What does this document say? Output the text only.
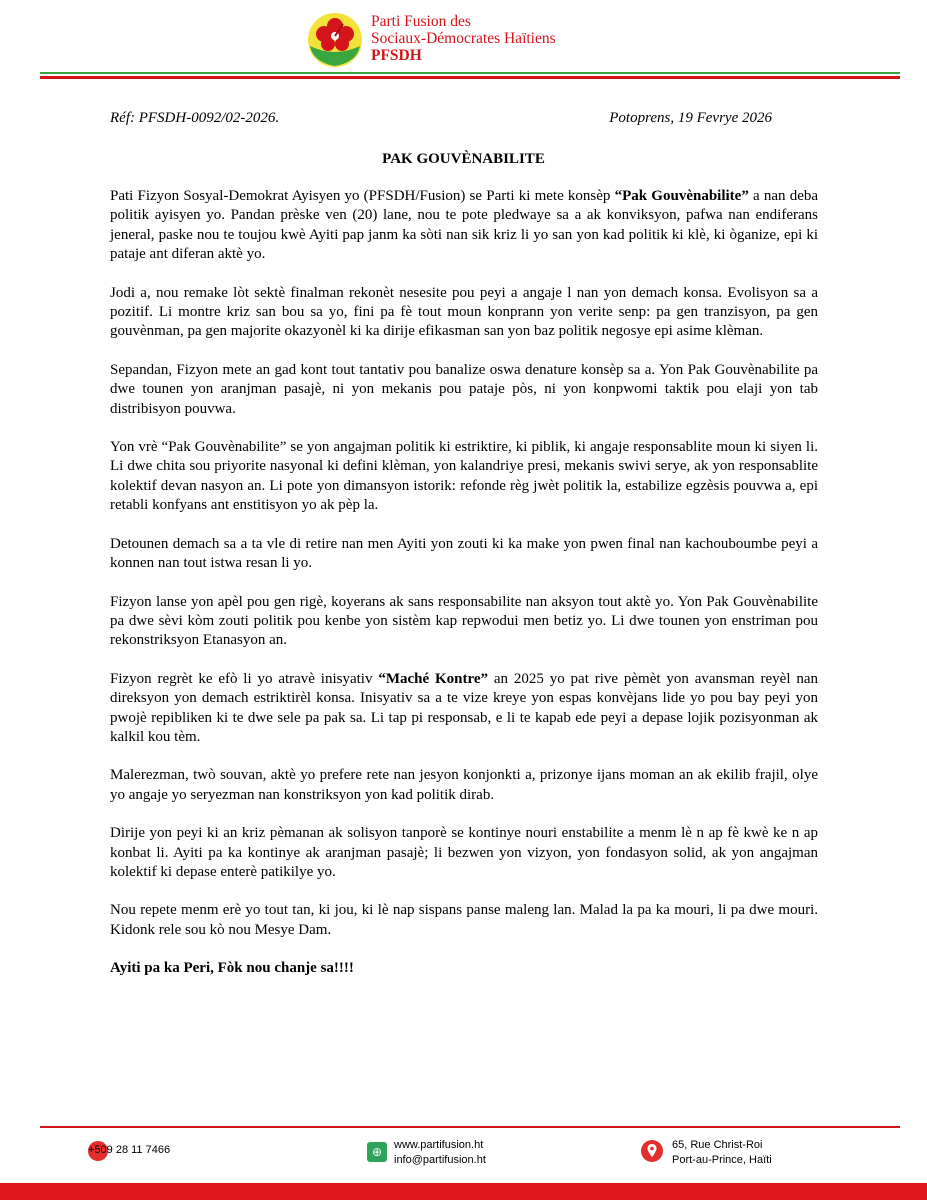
Parti Fusion des
Sociaux-Démocrates Haïtiens
PFSDH
Réf: PFSDH-0092/02-2026.	Potoprens, 19 Fevrye 2026
PAK GOUVÈNABILITE

Pati Fizyon Sosyal-Demokrat Ayisyen yo (PFSDH/Fusion) se Parti ki mete konsèp “Pak Gouvènabilite” a nan deba politik ayisyen yo. Pandan prèske ven (20) lane, nou te pote pledwaye sa a ak konviksyon, pafwa nan endiferans jeneral, paske nou te toujou kwè Ayiti pap janm ka sòti nan sik kriz li yo san yon kad politik ki klè, ki òganize, epi ki pataje ant diferan aktè yo.

Jodi a, nou remake lòt sektè finalman rekonèt nesesite pou peyi a angaje l nan yon demach konsa. Evolisyon sa a pozitif. Li montre kriz san bou sa yo, fini pa fè tout moun konprann yon verite senp: pa gen tranzisyon, pa gen gouvènman, pa gen majorite okazyonèl ki ka dirije efikasman san yon baz politik negosye epi asime klèman.

Sepandan, Fizyon mete an gad kont tout tantativ pou banalize oswa denature konsèp sa a. Yon Pak Gouvènabilite pa dwe tounen yon aranjman pasajè, ni yon mekanis pou pataje pòs, ni yon konpwomi taktik pou elaji yon tab distribisyon pouvwa.

Yon vrè “Pak Gouvènabilite” se yon angajman politik ki estriktire, ki piblik, ki angaje responsablite moun ki siyen li. Li dwe chita sou priyorite nasyonal ki defini klèman, yon kalandriye presi, mekanis swivi serye, ak yon responsablite kolektif devan nasyon an. Li pote yon dimansyon istorik: refonde règ jwèt politik la, estabilize egzèsis pouvwa a, epi retabli konfyans ant enstitisyon yo ak pèp la.

Detounen demach sa a ta vle di retire nan men Ayiti yon zouti ki ka make yon pwen final nan kachouboumbe peyi a konnen nan tout istwa resan li yo.

Fizyon lanse yon apèl pou gen rigè, koyerans ak sans responsabilite nan aksyon tout aktè yo. Yon Pak Gouvènabilite pa dwe sèvi kòm zouti politik pou kenbe yon sistèm kap repwodui men betiz yo. Li dwe tounen yon enstriman pou rekonstriksyon Etanasyon an.

Fizyon regrèt ke efò li yo atravè inisyativ “Maché Kontre” an 2025 yo pat rive pèmèt yon avansman reyèl nan direksyon yon demach estriktirèl konsa. Inisyativ sa a te vize kreye yon espas konvèjans lide yo pou bay peyi yon pwojè repibliken ki te dwe sele pa pak sa. Li tap pi responsab, e li te kapab ede peyi a depase lojik pozisyonman ak kalkil kou tèm.

Malerezman, twò souvan, aktè yo prefere rete nan jesyon konjonkti a, prizonye ijans moman an ak ekilib frajil, olye yo angaje yo seryezman nan konstriksyon yon kad politik dirab.

Dirije yon peyi ki an kriz pèmanan ak solisyon tanporè se kontinye nouri enstabilite a menm lè n ap fè kwè ke n ap konbat li. Ayiti pa ka kontinye ak aranjman pasajè; li bezwen yon vizyon, yon fondasyon solid, ak yon angajman kolektif ki depase enterè patikilye yo.

Nou repete menm erè yo tout tan, ki jou, ki lè nap sispans panse maleng lan. Malad la pa ka mouri, li pa dwe mouri. Kidonk rele sou kò nou Mesye Dam.

Ayiti pa ka Peri, Fòk nou chanje sa!!!!

+509 28 11 7466	⊕	www.partifusion.ht
info@partifusion.ht
65, Rue Christ-Roi
Port-au-Prince, Haïti
